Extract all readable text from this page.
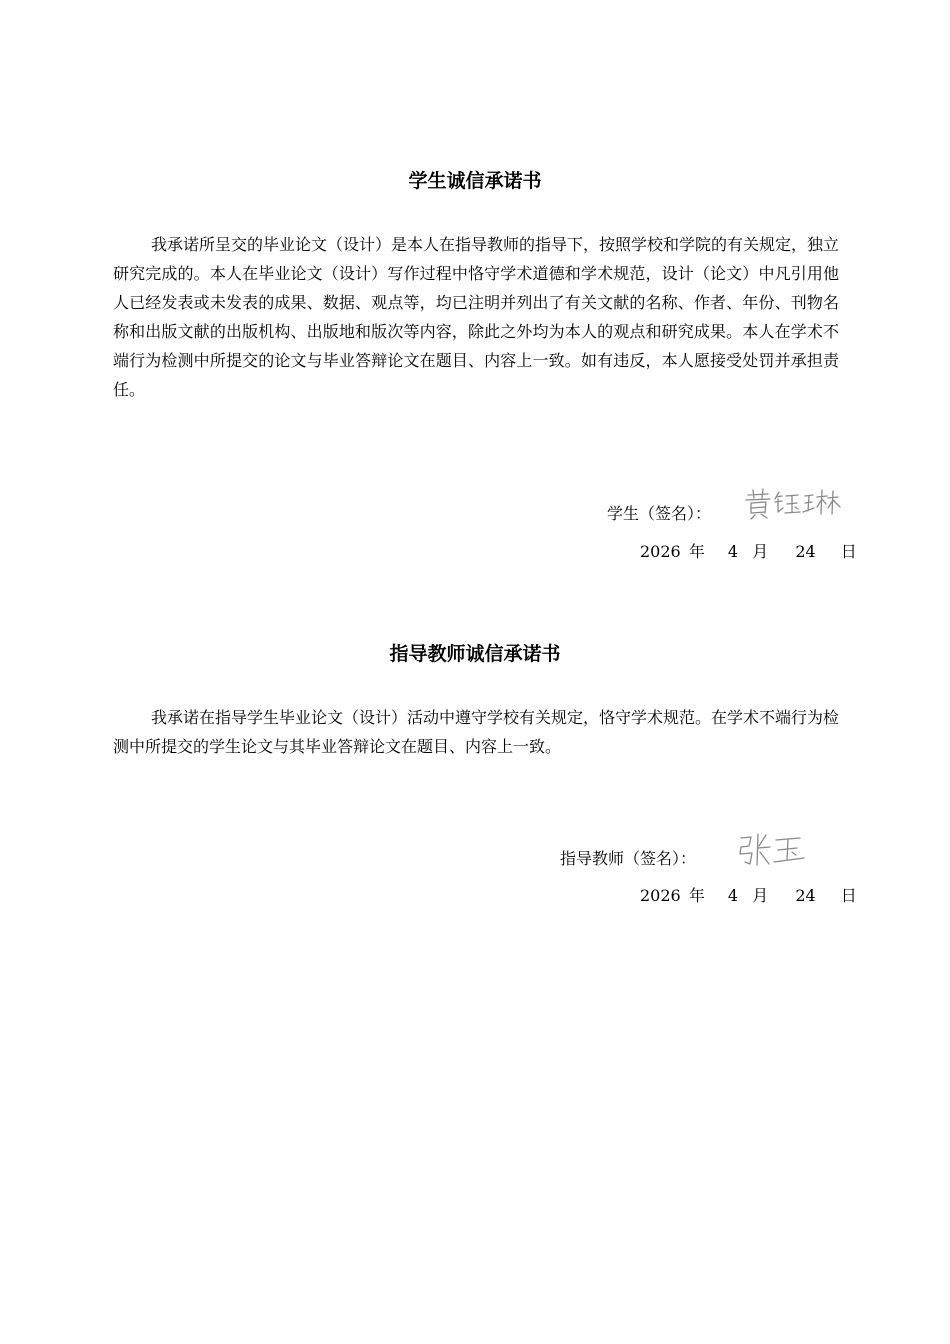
学生诚信承诺书

我承诺所呈交的毕业论文（设计）是本人在指导教师的指导下，按照学校和学院的有关规定，独立研究完成的。本人在毕业论文（设计）写作过程中恪守学术道德和学术规范，设计（论文）中凡引用他人已经发表或未发表的成果、数据、观点等，均已注明并列出了有关文献的名称、作者、年份、刊物名称和出版文献的出版机构、出版地和版次等内容，除此之外均为本人的观点和研究成果。本人在学术不端行为检测中所提交的论文与毕业答辩论文在题目、内容上一致。如有违反，本人愿接受处罚并承担责任。

学生（签名）：
2026 年 4 月 24 日
指导教师诚信承诺书

我承诺在指导学生毕业论文（设计）活动中遵守学校有关规定，恪守学术规范。在学术不端行为检测中所提交的学生论文与其毕业答辩论文在题目、内容上一致。

指导教师（签名）：
2026 年 4 月 24 日
